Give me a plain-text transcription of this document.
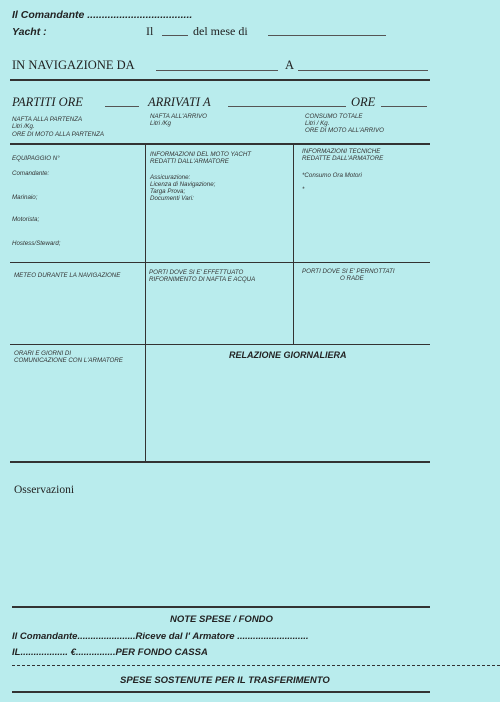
Il Comandante ....................................
Yacht :	Il	del mese di
IN NAVIGAZIONE DA	A
PARTITI ORE	ARRIVATI A	ORE
NAFTA ALLA PARTENZA
Litri /Kg.
ORE DI MOTO ALLA PARTENZA
NAFTA ALL'ARRIVO
Litri /Kg
CONSUMO TOTALE
Litri / Kg.
ORE DI MOTO ALL'ARRIVO
EQUIPAGGIO N°
Comandante:
Marinaio;
Motorista;
Hostess/Steward;
INFORMAZIONI DEL MOTO YACHT
REDATTI DALL'ARMATORE
Assicurazione:
Licenza di Navigazione;
Targa Prova;
Documenti Vari:
INFORMAZIONI TECNICHE
REDATTE DALL'ARMATORE
*Consumo Ora Motori
*
METEO DURANTE LA NAVIGAZIONE	PORTI DOVE SI E' EFFETTUATO
RIFORNIMENTO DI NAFTA E ACQUA
PORTI DOVE SI E' PERNOTTATI
O RADE
ORARI E GIORNI DI
COMUNICAZIONE CON L'ARMATORE
RELAZIONE GIORNALIERA
Osservazioni
NOTE SPESE / FONDO
Il Comandante......................Riceve dal l' Armatore ...........................
IL.................. €...............PER FONDO CASSA
SPESE SOSTENUTE PER IL TRASFERIMENTO
